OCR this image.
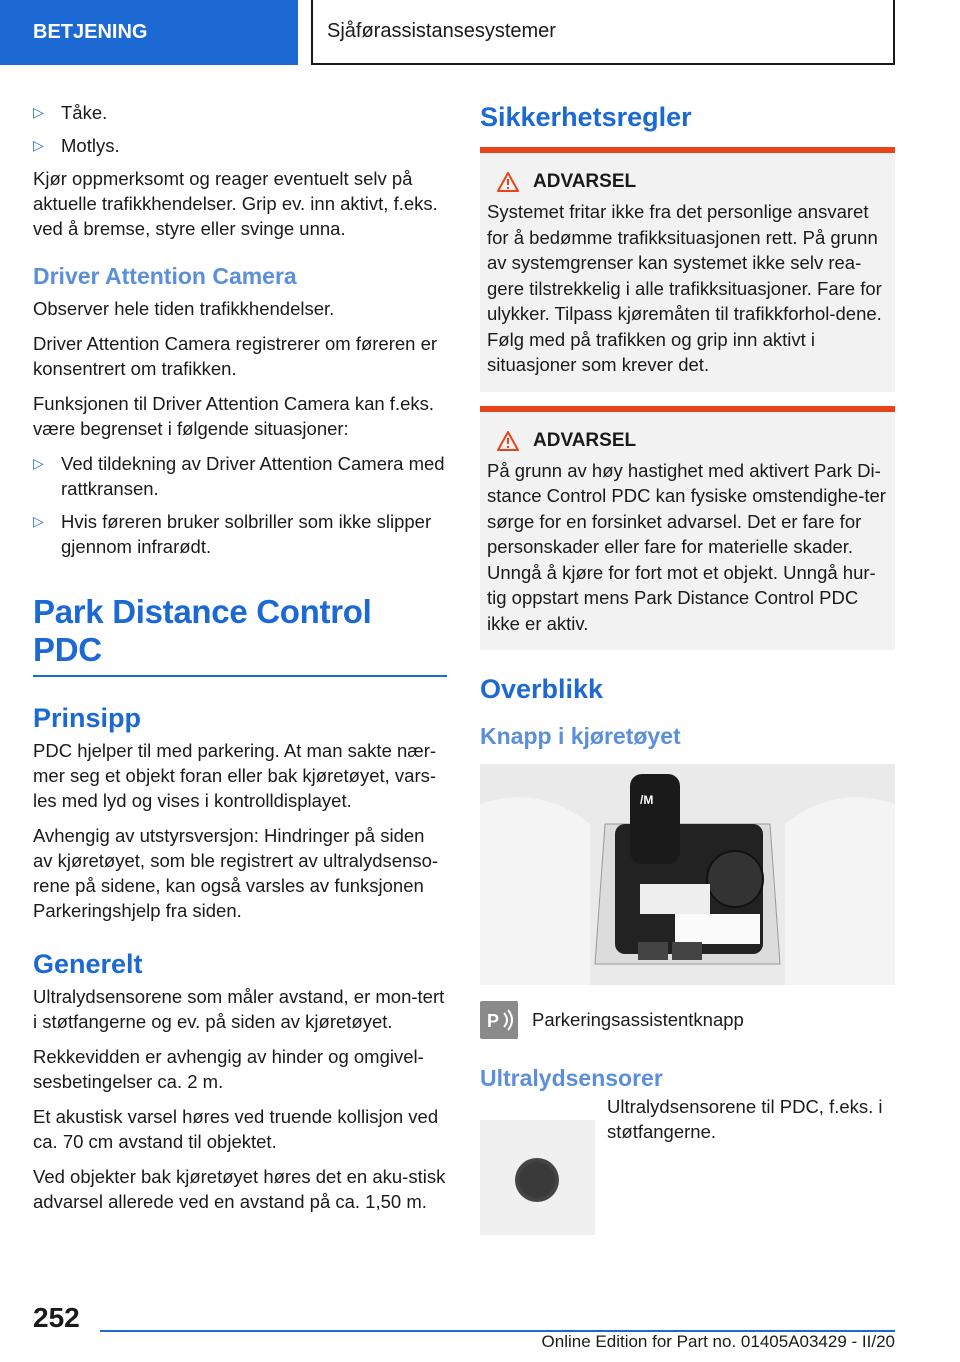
BETJENING	Sjåførassistansesystemer
▷ Tåke.
▷ Motlys.

Kjør oppmerksomt og reager eventuelt selv på aktuelle trafikkhendelser. Grip ev. inn aktivt, f.eks. ved å bremse, styre eller svinge unna.

Driver Attention Camera

Observer hele tiden trafikkhendelser.

Driver Attention Camera registrerer om føreren er konsentrert om trafikken.

Funksjonen til Driver Attention Camera kan f.eks. være begrenset i følgende situasjoner:

▷ Ved tildekning av Driver Attention Camera med rattkransen.
▷ Hvis føreren bruker solbriller som ikke slipper gjennom infrarødt.
Park Distance Control PDC
Prinsipp

PDC hjelper til med parkering. At man sakte nær-mer seg et objekt foran eller bak kjøretøyet, vars-les med lyd og vises i kontrolldisplayet.

Avhengig av utstyrsversjon: Hindringer på siden av kjøretøyet, som ble registrert av ultralydsenso-rene på sidene, kan også varsles av funksjonen Parkeringshjelp fra siden.

Generelt

Ultralydsensorene som måler avstand, er mon-tert i støtfangerne og ev. på siden av kjøretøyet.

Rekkevidden er avhengig av hinder og omgivel-sesbetingelser ca. 2 m.

Et akustisk varsel høres ved truende kollisjon ved ca. 70 cm avstand til objektet.

Ved objekter bak kjøretøyet høres det en aku-stisk advarsel allerede ved en avstand på ca. 1,50 m.

Sikkerhetsregler
ADVARSEL

Systemet fritar ikke fra det personlige ansvaret for å bedømme trafikksituasjonen rett. På grunn av systemgrenser kan systemet ikke selv rea-gere tilstrekkelig i alle trafikksituasjoner. Fare for ulykker. Tilpass kjøremåten til trafikkforhol-dene. Følg med på trafikken og grip inn aktivt i situasjoner som krever det.

ADVARSEL

På grunn av høy hastighet med aktivert Park Di-stance Control PDC kan fysiske omstendighe-ter sørge for en forsinket advarsel. Det er fare for personskader eller fare for materielle skader. Unngå å kjøre for fort mot et objekt. Unngå hur-tig oppstart mens Park Distance Control PDC ikke er aktiv.

Overblikk
Knapp i kjøretøyet
/M
P Parkeringsassistentknapp
Ultralydsensorer

Ultralydsensorene til PDC, f.eks. i støtfangerne.

252
Online Edition for Part no. 01405A03429 - II/20
